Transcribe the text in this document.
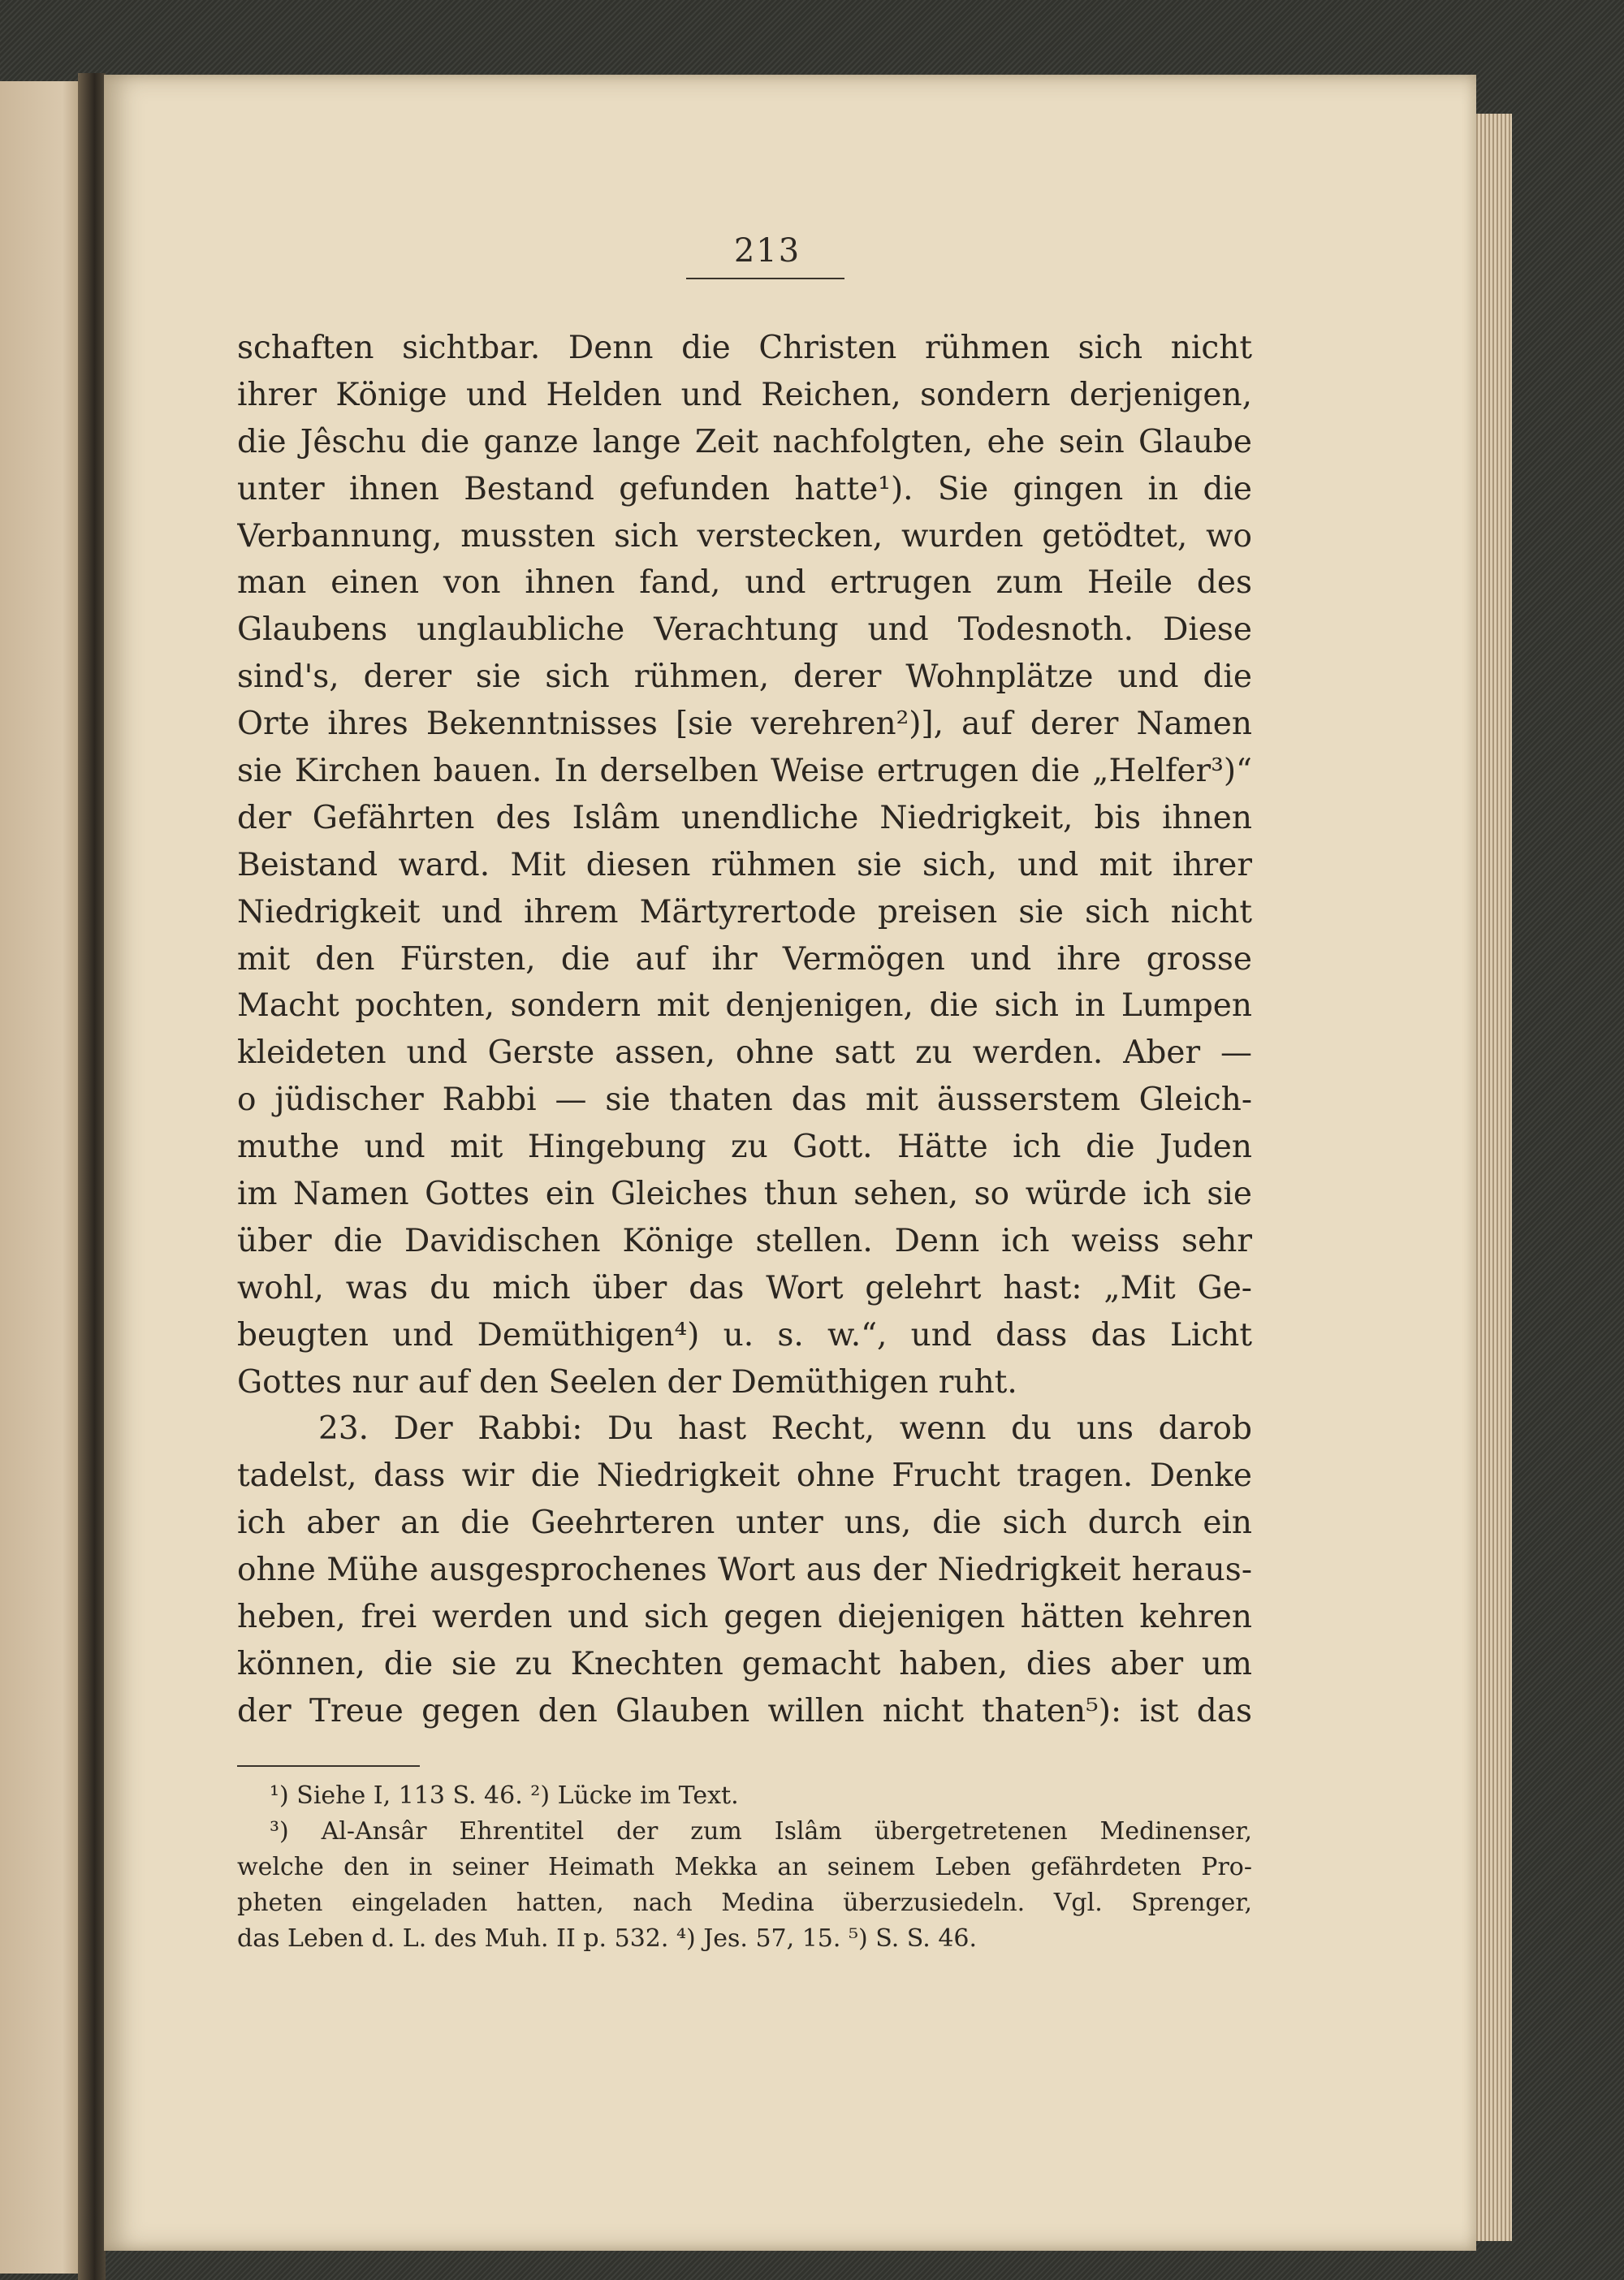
213
schaften sichtbar. Denn die Christen rühmen sich nicht
ihrer Könige und Helden und Reichen, sondern derjenigen,
die Jêschu die ganze lange Zeit nachfolgten, ehe sein Glaube
unter ihnen Bestand gefunden hatte¹). Sie gingen in die
Verbannung, mussten sich verstecken, wurden getödtet, wo
man einen von ihnen fand, und ertrugen zum Heile des
Glaubens unglaubliche Verachtung und Todesnoth. Diese
sind's, derer sie sich rühmen, derer Wohnplätze und die
Orte ihres Bekenntnisses [sie verehren²)], auf derer Namen
sie Kirchen bauen. In derselben Weise ertrugen die „Helfer³)“
der Gefährten des Islâm unendliche Niedrigkeit, bis ihnen
Beistand ward. Mit diesen rühmen sie sich, und mit ihrer
Niedrigkeit und ihrem Märtyrertode preisen sie sich nicht
mit den Fürsten, die auf ihr Vermögen und ihre grosse
Macht pochten, sondern mit denjenigen, die sich in Lumpen
kleideten und Gerste assen, ohne satt zu werden. Aber —
o jüdischer Rabbi — sie thaten das mit äusserstem Gleich-
muthe und mit Hingebung zu Gott. Hätte ich die Juden
im Namen Gottes ein Gleiches thun sehen, so würde ich sie
über die Davidischen Könige stellen. Denn ich weiss sehr
wohl, was du mich über das Wort gelehrt hast: „Mit Ge-
beugten und Demüthigen⁴) u. s. w.“, und dass das Licht
Gottes nur auf den Seelen der Demüthigen ruht.
23. Der Rabbi: Du hast Recht, wenn du uns darob
tadelst, dass wir die Niedrigkeit ohne Frucht tragen. Denke
ich aber an die Geehrteren unter uns, die sich durch ein
ohne Mühe ausgesprochenes Wort aus der Niedrigkeit heraus-
heben, frei werden und sich gegen diejenigen hätten kehren
können, die sie zu Knechten gemacht haben, dies aber um
der Treue gegen den Glauben willen nicht thaten⁵): ist das
¹) Siehe I, 113 S. 46. ²) Lücke im Text.
³) Al-Ansâr Ehrentitel der zum Islâm übergetretenen Medinenser,
welche den in seiner Heimath Mekka an seinem Leben gefährdeten Pro-
pheten eingeladen hatten, nach Medina überzusiedeln. Vgl. Sprenger,
das Leben d. L. des Muh. II p. 532. ⁴) Jes. 57, 15. ⁵) S. S. 46.
